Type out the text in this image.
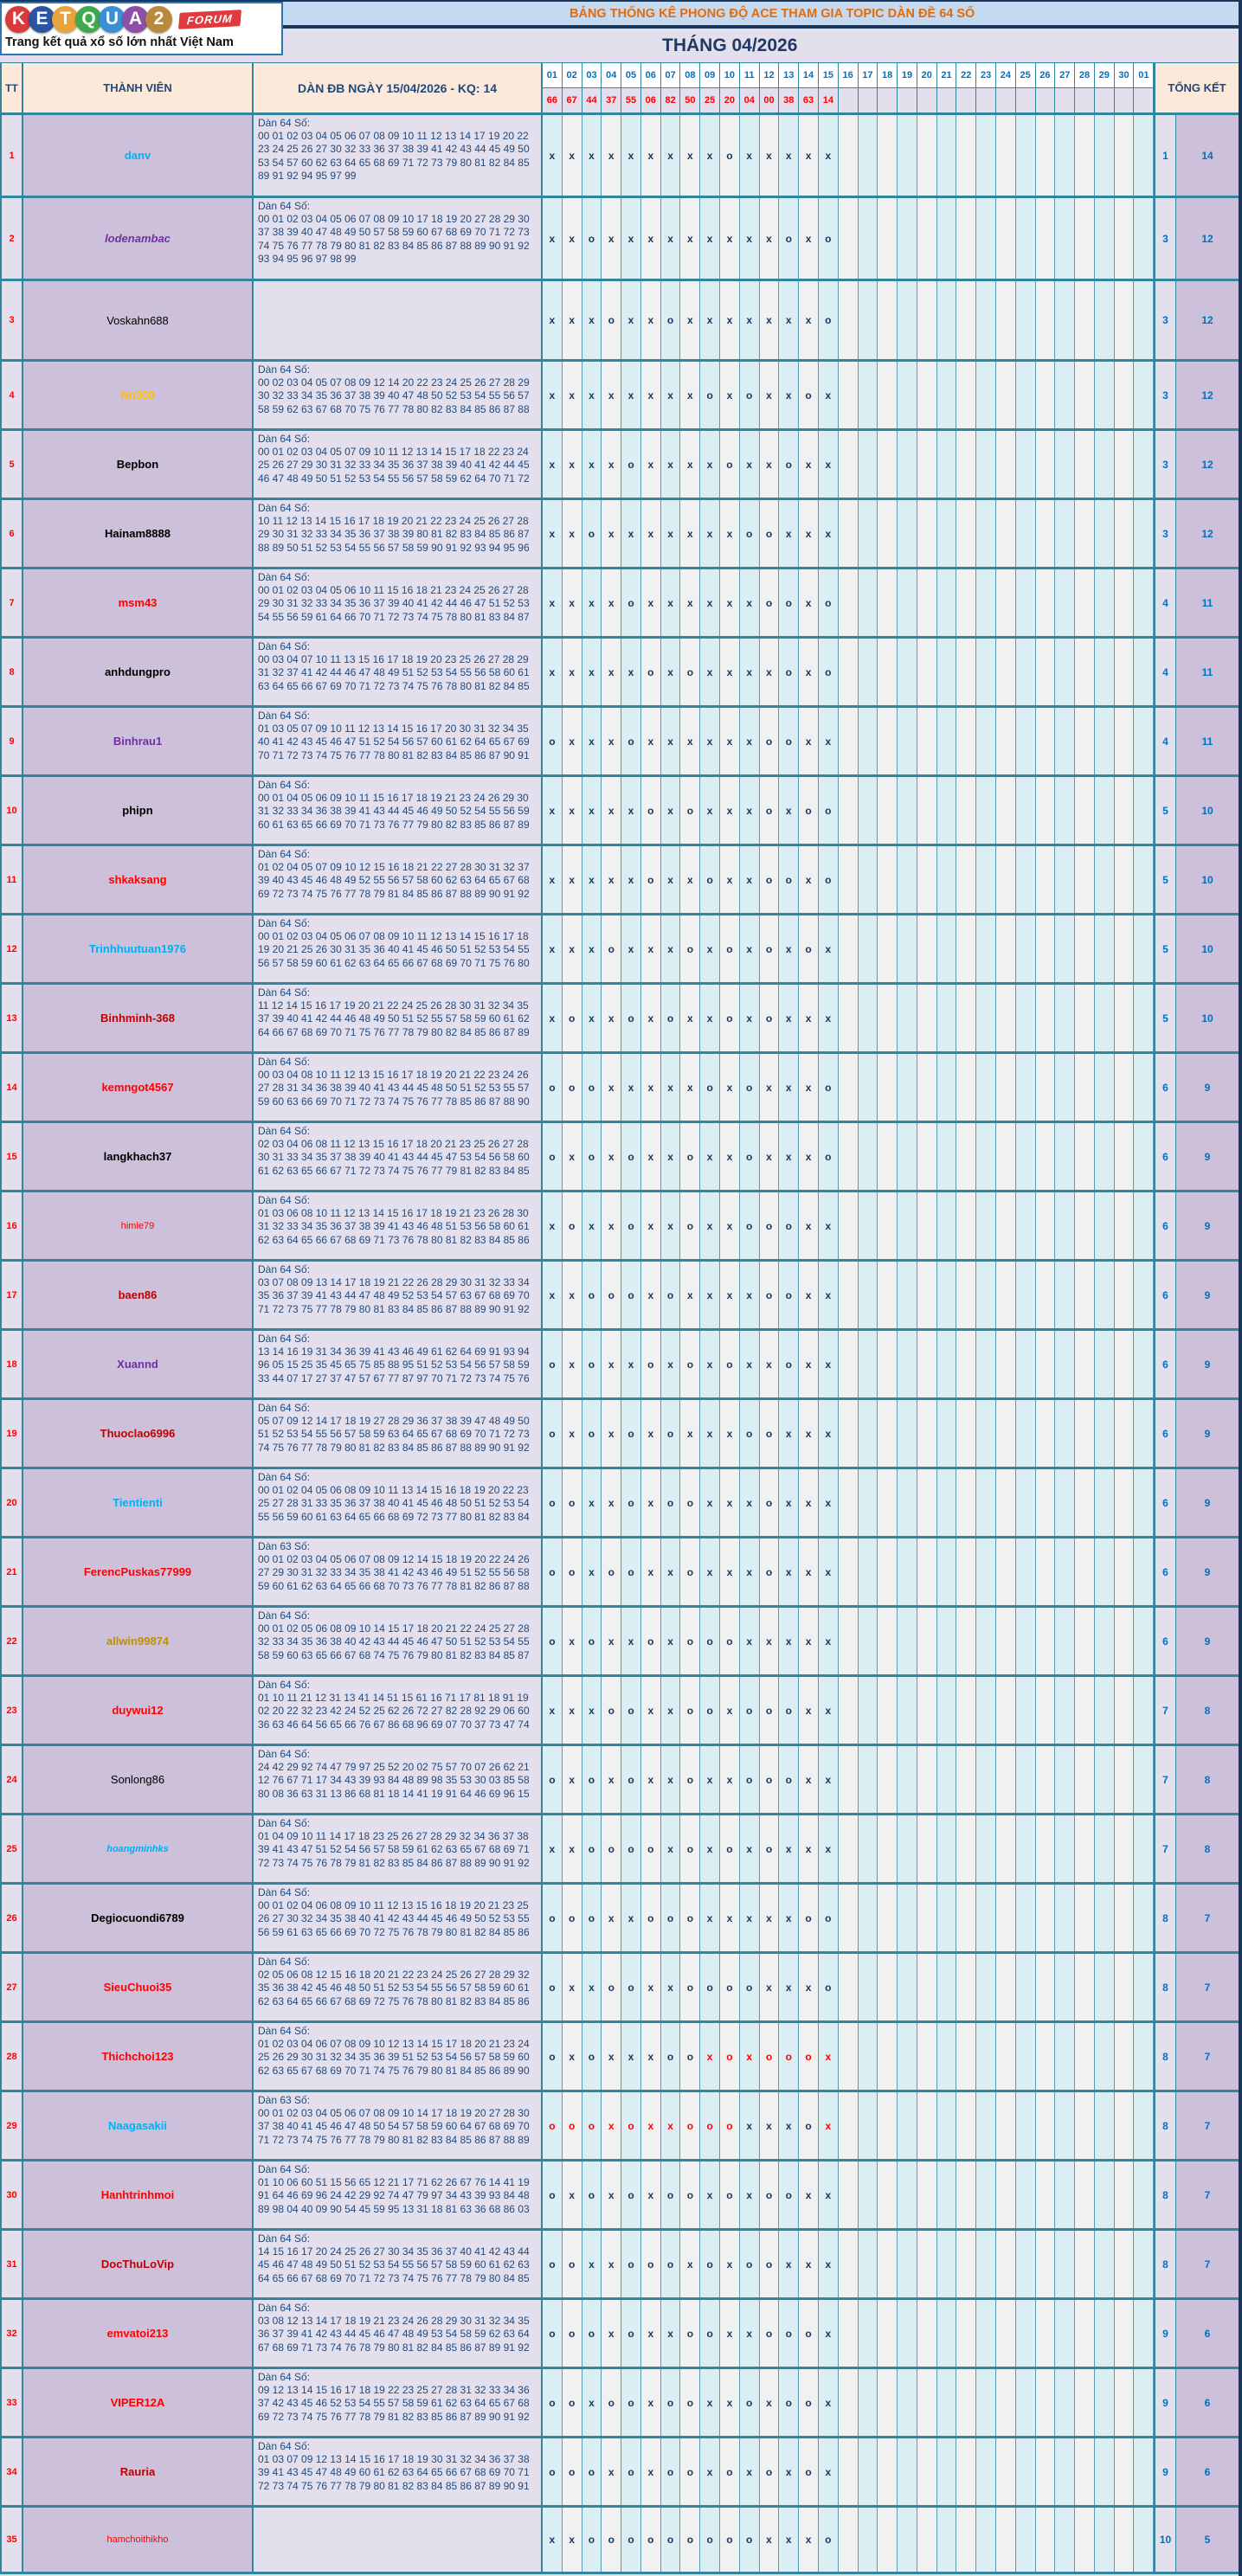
BẢNG THỐNG KÊ PHONG ĐỘ ACE THAM GIA TOPIC DÀN ĐỀ 64 SỐ
THÁNG 04/2026
K E T Q U A 2	FORUM
Trang kết quả xổ số lớn nhất Việt Nam
TT	THÀNH VIÊN	DÀN ĐB NGÀY 15/04/2026 - KQ: 14
01 02 03 04 05 06 07 08 09 10 11 12 13 14 15 16 17 18 19 20 21 22 23 24 25 26 27 28 29 30 01
66 67 44 37 55 06 82 50 25 20 04 00 38 63 14
TỔNG KẾT
1	danv
Dàn 64 Số:
00 01 02 03 04 05 06 07 08 09 10 11 12 13 14 17 19 20 22
23 24 25 26 27 30 32 33 36 37 38 39 41 42 43 44 45 49 50
53 54 57 60 62 63 64 65 68 69 71 72 73 79 80 81 82 84 85
89 91 92 94 95 97 99
x	x	x	x	x	x	x	x	x	o	x	x	x	x	x	1	14
2	lodenambac
Dàn 64 Số:
00 01 02 03 04 05 06 07 08 09 10 17 18 19 20 27 28 29 30
37 38 39 40 47 48 49 50 57 58 59 60 67 68 69 70 71 72 73
74 75 76 77 78 79 80 81 82 83 84 85 86 87 88 89 90 91 92
93 94 95 96 97 98 99
x	x	o	x	x	x	x	x	x	x	x	x	o	x	o	3	12
3	Voskahn688	x	x	x	o	x	x	o	x	x	x	x	x	x	x	o	3	12
4	Nn300
Dàn 64 Số:
00 02 03 04 05 07 08 09 12 14 20 22 23 24 25 26 27 28 29
30 32 33 34 35 36 37 38 39 40 47 48 50 52 53 54 55 56 57
58 59 62 63 67 68 70 75 76 77 78 80 82 83 84 85 86 87 88
x	x	x	x	x	x	x	x	o	x	o	x	x	o	x	3	12
5	Bepbon
Dàn 64 Số:
00 01 02 03 04 05 07 09 10 11 12 13 14 15 17 18 22 23 24
25 26 27 29 30 31 32 33 34 35 36 37 38 39 40 41 42 44 45
46 47 48 49 50 51 52 53 54 55 56 57 58 59 62 64 70 71 72
x	x	x	x	o	x	x	x	x	o	x	x	o	x	x	3	12
6	Hainam8888
Dàn 64 Số:
10 11 12 13 14 15 16 17 18 19 20 21 22 23 24 25 26 27 28
29 30 31 32 33 34 35 36 37 38 39 80 81 82 83 84 85 86 87
88 89 50 51 52 53 54 55 56 57 58 59 90 91 92 93 94 95 96
x	x	o	x	x	x	x	x	x	x	o	o	x	x	x	3	12
7	msm43
Dàn 64 Số:
00 01 02 03 04 05 06 10 11 15 16 18 21 23 24 25 26 27 28
29 30 31 32 33 34 35 36 37 39 40 41 42 44 46 47 51 52 53
54 55 56 59 61 64 66 70 71 72 73 74 75 78 80 81 83 84 87
x	x	x	x	o	x	x	x	x	x	x	o	o	x	o	4	11
8	anhdungpro
Dàn 64 Số:
00 03 04 07 10 11 13 15 16 17 18 19 20 23 25 26 27 28 29
31 32 37 41 42 44 46 47 48 49 51 52 53 54 55 56 58 60 61
63 64 65 66 67 69 70 71 72 73 74 75 76 78 80 81 82 84 85
x	x	x	x	x	o	x	o	x	x	x	x	o	x	o	4	11
9	Binhrau1
Dàn 64 Số:
01 03 05 07 09 10 11 12 13 14 15 16 17 20 30 31 32 34 35
40 41 42 43 45 46 47 51 52 54 56 57 60 61 62 64 65 67 69
70 71 72 73 74 75 76 77 78 80 81 82 83 84 85 86 87 90 91
o	x	x	x	o	x	x	x	x	x	x	o	o	x	x	4	11
10	phipn
Dàn 64 Số:
00 01 04 05 06 09 10 11 15 16 17 18 19 21 23 24 26 29 30
31 32 33 34 36 38 39 41 43 44 45 46 49 50 52 54 55 56 59
60 61 63 65 66 69 70 71 73 76 77 79 80 82 83 85 86 87 89
x	x	x	x	x	o	x	o	x	x	x	o	x	o	o	5	10
11	shkaksang
Dàn 64 Số:
01 02 04 05 07 09 10 12 15 16 18 21 22 27 28 30 31 32 37
39 40 43 45 46 48 49 52 55 56 57 58 60 62 63 64 65 67 68
69 72 73 74 75 76 77 78 79 81 84 85 86 87 88 89 90 91 92
x	x	x	x	x	o	x	x	o	x	x	o	o	x	o	5	10
12	Trinhhuutuan1976
Dàn 64 Số:
00 01 02 03 04 05 06 07 08 09 10 11 12 13 14 15 16 17 18
19 20 21 25 26 30 31 35 36 40 41 45 46 50 51 52 53 54 55
56 57 58 59 60 61 62 63 64 65 66 67 68 69 70 71 75 76 80
x	x	x	o	x	x	x	o	x	o	x	o	x	o	x	5	10
13	Binhminh-368
Dàn 64 Số:
11 12 14 15 16 17 19 20 21 22 24 25 26 28 30 31 32 34 35
37 39 40 41 42 44 46 48 49 50 51 52 55 57 58 59 60 61 62
64 66 67 68 69 70 71 75 76 77 78 79 80 82 84 85 86 87 89
x	o	x	x	o	x	o	x	x	o	x	o	x	x	x	5	10
14	kemngot4567
Dàn 64 Số:
00 03 04 08 10 11 12 13 15 16 17 18 19 20 21 22 23 24 26
27 28 31 34 36 38 39 40 41 43 44 45 48 50 51 52 53 55 57
59 60 63 66 69 70 71 72 73 74 75 76 77 78 85 86 87 88 90
o	o	o	x	x	x	x	x	o	x	o	x	x	x	o	6	9
15	langkhach37
Dàn 64 Số:
02 03 04 06 08 11 12 13 15 16 17 18 20 21 23 25 26 27 28
30 31 33 34 35 37 38 39 40 41 43 44 45 47 53 54 56 58 60
61 62 63 65 66 67 71 72 73 74 75 76 77 79 81 82 83 84 85
o	x	o	x	o	x	x	o	x	x	o	x	x	x	o	6	9
16	himle79
Dàn 64 Số:
01 03 06 08 10 11 12 13 14 15 16 17 18 19 21 23 26 28 30
31 32 33 34 35 36 37 38 39 41 43 46 48 51 53 56 58 60 61
62 63 64 65 66 67 68 69 71 73 76 78 80 81 82 83 84 85 86
x	o	x	x	o	x	x	o	x	x	o	o	o	x	x	6	9
17	baen86
Dàn 64 Số:
03 07 08 09 13 14 17 18 19 21 22 26 28 29 30 31 32 33 34
35 36 37 39 41 43 44 47 48 49 52 53 54 57 63 67 68 69 70
71 72 73 75 77 78 79 80 81 83 84 85 86 87 88 89 90 91 92
x	x	o	o	o	x	o	x	x	x	x	o	o	x	x	6	9
18	Xuannd
Dàn 64 Số:
13 14 16 19 31 34 36 39 41 43 46 49 61 62 64 69 91 93 94
96 05 15 25 35 45 65 75 85 88 95 51 52 53 54 56 57 58 59
33 44 07 17 27 37 47 57 67 77 87 97 70 71 72 73 74 75 76
o	x	o	x	x	o	x	o	x	o	x	x	o	x	x	6	9
19	Thuoclao6996
Dàn 64 Số:
05 07 09 12 14 17 18 19 27 28 29 36 37 38 39 47 48 49 50
51 52 53 54 55 56 57 58 59 63 64 65 67 68 69 70 71 72 73
74 75 76 77 78 79 80 81 82 83 84 85 86 87 88 89 90 91 92
o	x	o	x	o	x	o	x	x	x	o	o	x	x	x	6	9
20	Tientienti
Dàn 64 Số:
00 01 02 04 05 06 08 09 10 11 13 14 15 16 18 19 20 22 23
25 27 28 31 33 35 36 37 38 40 41 45 46 48 50 51 52 53 54
55 56 59 60 61 63 64 65 66 68 69 72 73 77 80 81 82 83 84
o	o	x	x	o	x	o	o	x	x	x	o	x	x	x	6	9
21	FerencPuskas77999
Dàn 63 Số:
00 01 02 03 04 05 06 07 08 09 12 14 15 18 19 20 22 24 26
27 29 30 31 32 33 34 35 38 41 42 43 46 49 51 52 55 56 58
59 60 61 62 63 64 65 66 68 70 73 76 77 78 81 82 86 87 88
o	o	x	o	o	x	x	o	x	x	x	o	x	x	x	6	9
22	allwin99874
Dàn 64 Số:
00 01 02 05 06 08 09 10 14 15 17 18 20 21 22 24 25 27 28
32 33 34 35 36 38 40 42 43 44 45 46 47 50 51 52 53 54 55
58 59 60 63 65 66 67 68 74 75 76 79 80 81 82 83 84 85 87
o	x	o	x	x	o	x	o	o	o	x	x	x	x	x	6	9
23	duywui12
Dàn 64 Số:
01 10 11 21 12 31 13 41 14 51 15 61 16 71 17 81 18 91 19
02 20 22 32 23 42 24 52 25 62 26 72 27 82 28 92 29 06 60
36 63 46 64 56 65 66 76 67 86 68 96 69 07 70 37 73 47 74
x	x	x	o	o	x	x	o	o	x	o	o	o	x	x	7	8
24	Sonlong86
Dàn 64 Số:
24 42 29 92 74 47 79 97 25 52 20 02 75 57 70 07 26 62 21
12 76 67 71 17 34 43 39 93 84 48 89 98 35 53 30 03 85 58
80 08 36 63 31 13 86 68 81 18 14 41 19 91 64 46 69 96 15
o	x	o	x	o	x	x	o	x	x	o	o	o	x	x	7	8
25	hoangminhks
Dàn 64 Số:
01 04 09 10 11 14 17 18 23 25 26 27 28 29 32 34 36 37 38
39 41 43 47 51 52 54 56 57 58 59 61 62 63 65 67 68 69 71
72 73 74 75 76 78 79 81 82 83 85 84 86 87 88 89 90 91 92
x	x	o	o	o	o	x	o	x	o	x	o	x	x	x	7	8
26	Degiocuondi6789
Dàn 64 Số:
00 01 02 04 06 08 09 10 11 12 13 15 16 18 19 20 21 23 25
26 27 30 32 34 35 38 40 41 42 43 44 45 46 49 50 52 53 55
56 59 61 63 65 66 69 70 72 75 76 78 79 80 81 82 84 85 86
o	o	o	x	x	o	o	o	x	x	x	x	x	o	o	8	7
27	SieuChuoi35
Dàn 64 Số:
02 05 06 08 12 15 16 18 20 21 22 23 24 25 26 27 28 29 32
35 36 38 42 45 46 48 50 51 52 53 54 55 56 57 58 59 60 61
62 63 64 65 66 67 68 69 72 75 76 78 80 81 82 83 84 85 86
o	x	x	o	o	x	x	o	o	o	o	x	x	x	o	8	7
28	Thichchoi123
Dàn 64 Số:
01 02 03 04 06 07 08 09 10 12 13 14 15 17 18 20 21 23 24
25 26 29 30 31 32 34 35 36 39 51 52 53 54 56 57 58 59 60
62 63 65 67 68 69 70 71 74 75 76 79 80 81 84 85 86 89 90
o	x	o	x	x	x	o	o	x	o	x	o	o	o	x	8	7
29	Naagasakii
Dàn 63 Số:
00 01 02 03 04 05 06 07 08 09 10 14 17 18 19 20 27 28 30
37 38 40 41 45 46 47 48 50 54 57 58 59 60 64 67 68 69 70
71 72 73 74 75 76 77 78 79 80 81 82 83 84 85 86 87 88 89
o	o	o	x	o	x	x	o	o	o	x	x	x	o	x	8	7
30	Hanhtrinhmoi
Dàn 64 Số:
01 10 06 60 51 15 56 65 12 21 17 71 62 26 67 76 14 41 19
91 64 46 69 96 24 42 29 92 74 47 79 97 34 43 39 93 84 48
89 98 04 40 09 90 54 45 59 95 13 31 18 81 63 36 68 86 03
o	x	o	x	o	x	o	o	x	o	x	o	o	x	x	8	7
31	DocThuLoVip
Dàn 64 Số:
14 15 16 17 20 24 25 26 27 30 34 35 36 37 40 41 42 43 44
45 46 47 48 49 50 51 52 53 54 55 56 57 58 59 60 61 62 63
64 65 66 67 68 69 70 71 72 73 74 75 76 77 78 79 80 84 85
o	o	x	x	o	o	o	x	o	x	o	o	x	x	x	8	7
32	emvatoi213
Dàn 64 Số:
03 08 12 13 14 17 18 19 21 23 24 26 28 29 30 31 32 34 35
36 37 39 41 42 43 44 45 46 47 48 49 53 54 58 59 62 63 64
67 68 69 71 73 74 76 78 79 80 81 82 84 85 86 87 89 91 92
o	o	o	x	o	x	x	o	o	x	x	o	o	o	x	9	6
33	VIPER12A
Dàn 64 Số:
09 12 13 14 15 16 17 18 19 22 23 25 27 28 31 32 33 34 36
37 42 43 45 46 52 53 54 55 57 58 59 61 62 63 64 65 67 68
69 72 73 74 75 76 77 78 79 81 82 83 85 86 87 89 90 91 92
o	o	x	o	o	x	o	o	x	x	o	x	o	o	x	9	6
34	Rauria
Dàn 64 Số:
01 03 07 09 12 13 14 15 16 17 18 19 30 31 32 34 36 37 38
39 41 43 45 47 48 49 60 61 62 63 64 65 66 67 68 69 70 71
72 73 74 75 76 77 78 79 80 81 82 83 84 85 86 87 89 90 91
o	o	o	x	o	x	o	o	x	o	x	o	x	o	x	9	6
35	hamchoithikho	x	x	o	o	o	o	o	o	o	o	o	x	x	x	o	10	5
